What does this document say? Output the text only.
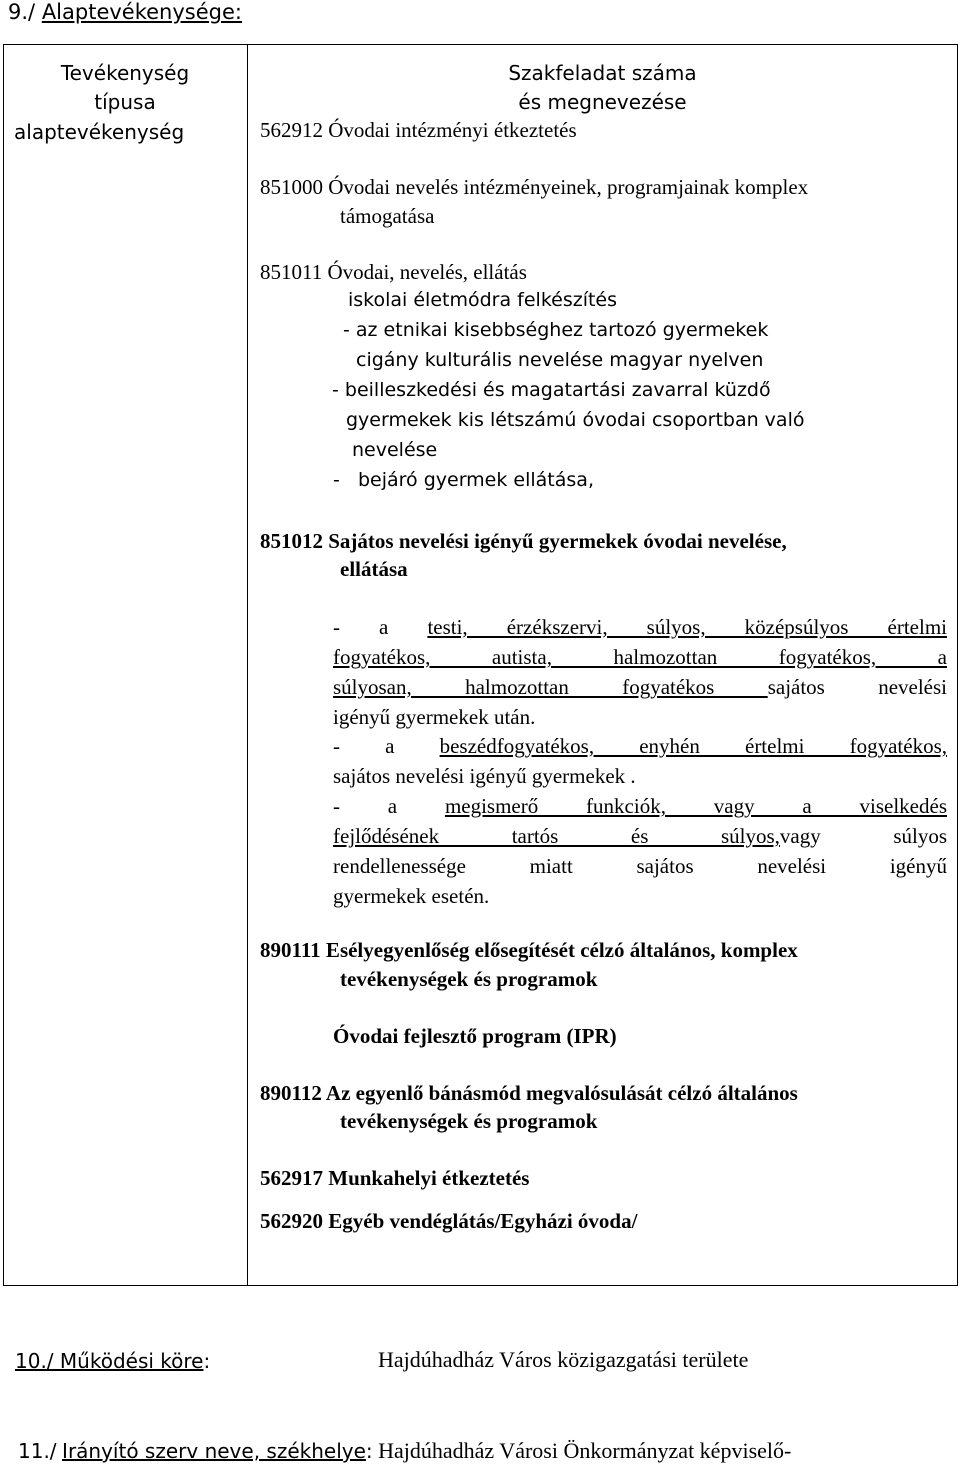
9./ Alaptevékenysége:
Tevékenység
típusa
Szakfeladat száma
és megnevezése
alaptevékenység	562912 Óvodai intézményi étkeztetés
851000 Óvodai nevelés intézményeinek, programjainak komplex
támogatása
851011 Óvodai, nevelés, ellátás
iskolai életmódra felkészítés
- az etnikai kisebbséghez tartozó gyermekek
cigány kulturális nevelése magyar nyelven
- beilleszkedési és magatartási zavarral küzdő
gyermekek kis létszámú óvodai csoportban való
nevelése
-   bejáró gyermek ellátása,
851012 Sajátos nevelési igényű gyermekek óvodai nevelése,
ellátása
- a testi, érzékszervi, súlyos, középsúlyos értelmi
fogyatékos, autista, halmozottan fogyatékos, a
súlyosan, halmozottan fogyatékos sajátos nevelési
igényű gyermekek után.
- a beszédfogyatékos, enyhén értelmi fogyatékos,
sajátos nevelési igényű gyermekek .
- a megismerő funkciók, vagy a viselkedés
fejlődésének tartós és súlyos,vagy súlyos
rendellenessége miatt sajátos nevelési igényű
gyermekek esetén.
890111 Esélyegyenlőség elősegítését célzó általános, komplex
tevékenységek és programok
Óvodai fejlesztő program (IPR)
890112 Az egyenlő bánásmód megvalósulását célzó általános
tevékenységek és programok
562917 Munkahelyi étkeztetés
562920 Egyéb vendéglátás/Egyházi óvoda/
10./ Működési köre:	Hajdúhadház Város közigazgatási területe
11./ Irányító szerv neve, székhelye: Hajdúhadház Városi Önkormányzat képviselő-
